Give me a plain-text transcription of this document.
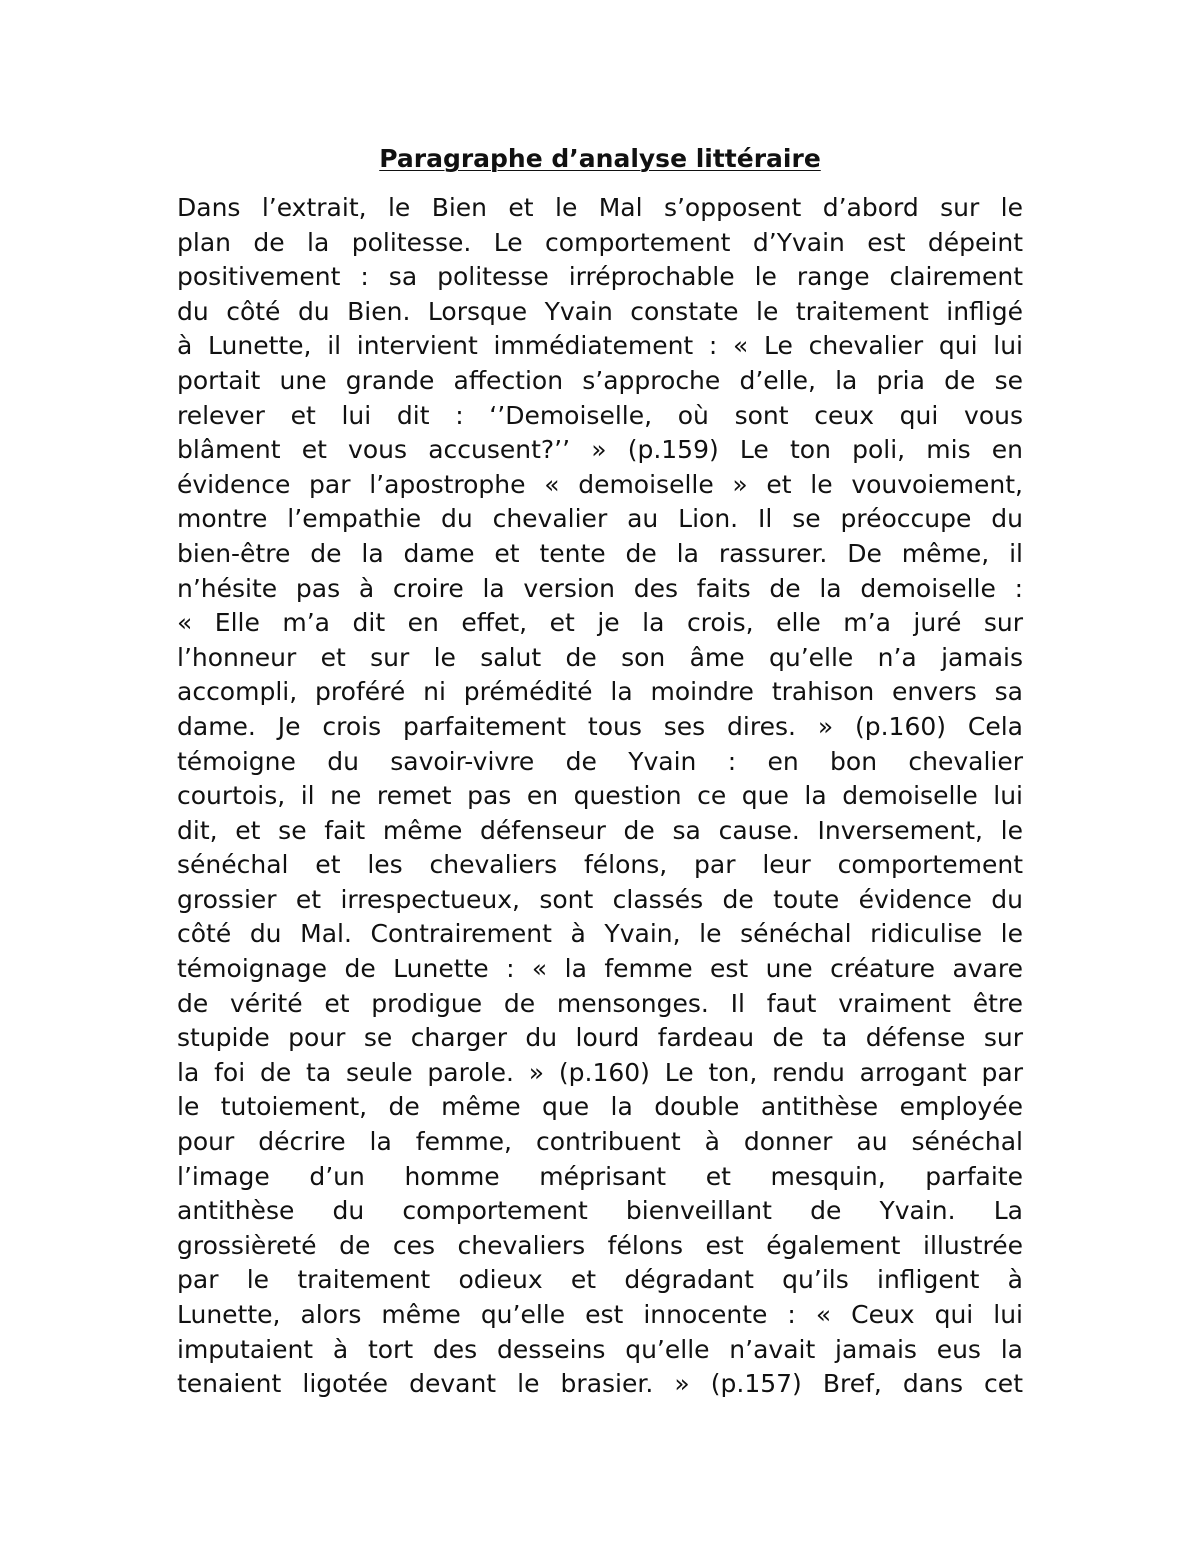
Paragraphe d’analyse littéraire
Dans l’extrait, le Bien et le Mal s’opposent d’abord sur le
plan de la politesse. Le comportement d’Yvain est dépeint
positivement : sa politesse irréprochable le range clairement
du côté du Bien. Lorsque Yvain constate le traitement infligé
à Lunette, il intervient immédiatement : « Le chevalier qui lui
portait une grande affection s’approche d’elle, la pria de se
relever et lui dit : ‘’Demoiselle, où sont ceux qui vous
blâment et vous accusent?’’ » (p.159) Le ton poli, mis en
évidence par l’apostrophe « demoiselle » et le vouvoiement,
montre l’empathie du chevalier au Lion. Il se préoccupe du
bien-être de la dame et tente de la rassurer. De même, il
n’hésite pas à croire la version des faits de la demoiselle :
« Elle m’a dit en effet, et je la crois, elle m’a juré sur
l’honneur et sur le salut de son âme qu’elle n’a jamais
accompli, proféré ni prémédité la moindre trahison envers sa
dame. Je crois parfaitement tous ses dires. » (p.160) Cela
témoigne du savoir-vivre de Yvain : en bon chevalier
courtois, il ne remet pas en question ce que la demoiselle lui
dit, et se fait même défenseur de sa cause. Inversement, le
sénéchal et les chevaliers félons, par leur comportement
grossier et irrespectueux, sont classés de toute évidence du
côté du Mal. Contrairement à Yvain, le sénéchal ridiculise le
témoignage de Lunette : « la femme est une créature avare
de vérité et prodigue de mensonges. Il faut vraiment être
stupide pour se charger du lourd fardeau de ta défense sur
la foi de ta seule parole. » (p.160) Le ton, rendu arrogant par
le tutoiement, de même que la double antithèse employée
pour décrire la femme, contribuent à donner au sénéchal
l’image d’un homme méprisant et mesquin, parfaite
antithèse du comportement bienveillant de Yvain. La
grossièreté de ces chevaliers félons est également illustrée
par le traitement odieux et dégradant qu’ils infligent à
Lunette, alors même qu’elle est innocente : « Ceux qui lui
imputaient à tort des desseins qu’elle n’avait jamais eus la
tenaient ligotée devant le brasier. » (p.157) Bref, dans cet
